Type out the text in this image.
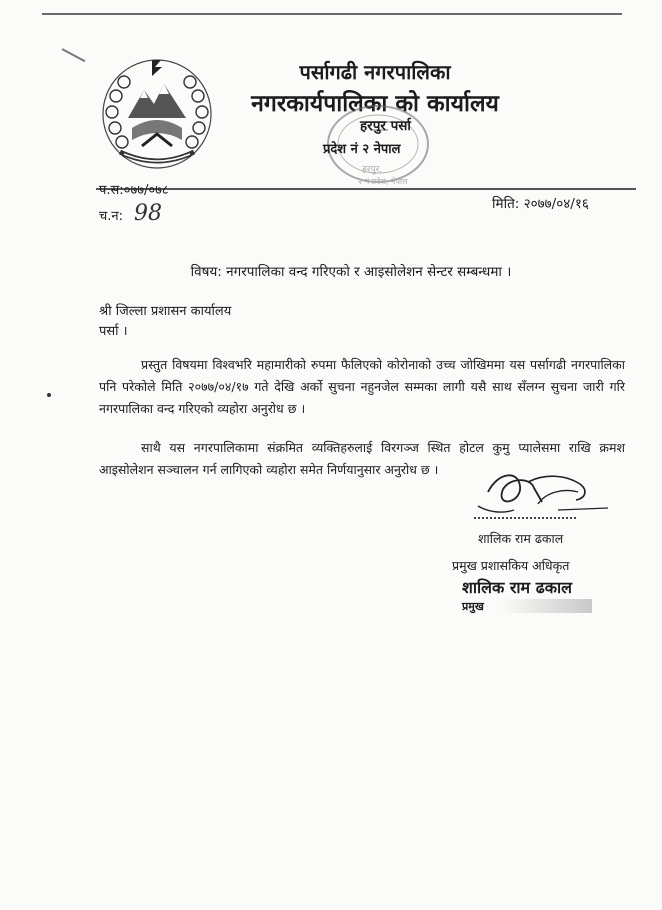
पर्सागढी नगरपालिका
नगरकार्यपालिका को कार्यालय
हरपुर,
२ नं प्रदेश, नेपाल
हरपुर पर्सा
प्रदेश नं २ नेपाल
प.स:०७७/०७८
च.न: 98	मिति: २०७७/०४/१६
विषय: नगरपालिका वन्द गरिएको र आइसोलेशन सेन्टर सम्बन्धमा ।
श्री जिल्ला प्रशासन कार्यालय
पर्सा ।
प्रस्तुत विषयमा विश्वभरि महामारीको रुपमा फैलिएको कोरोनाको उच्च जोखिममा यस पर्सागढी नगरपालिका पनि परेकोले मिति २०७७/०४/१७ गते देखि अर्को सुचना नहुनजेल सम्मका लागी यसै साथ सँलग्न सुचना जारी गरि नगरपालिका वन्द गरिएको व्यहोरा अनुरोध छ ।
साथै यस नगरपालिकामा संक्रमित व्यक्तिहरुलाई विरगञ्ज स्थित होटल कुमु प्यालेसमा राखि क्रमश आइसोलेशन सञ्चालन गर्न लागिएको व्यहोरा समेत निर्णयानुसार अनुरोध छ ।
शालिक राम ढकाल
प्रमुख प्रशासकिय अधिकृत
शालिक राम ढकाल
प्रमुख
